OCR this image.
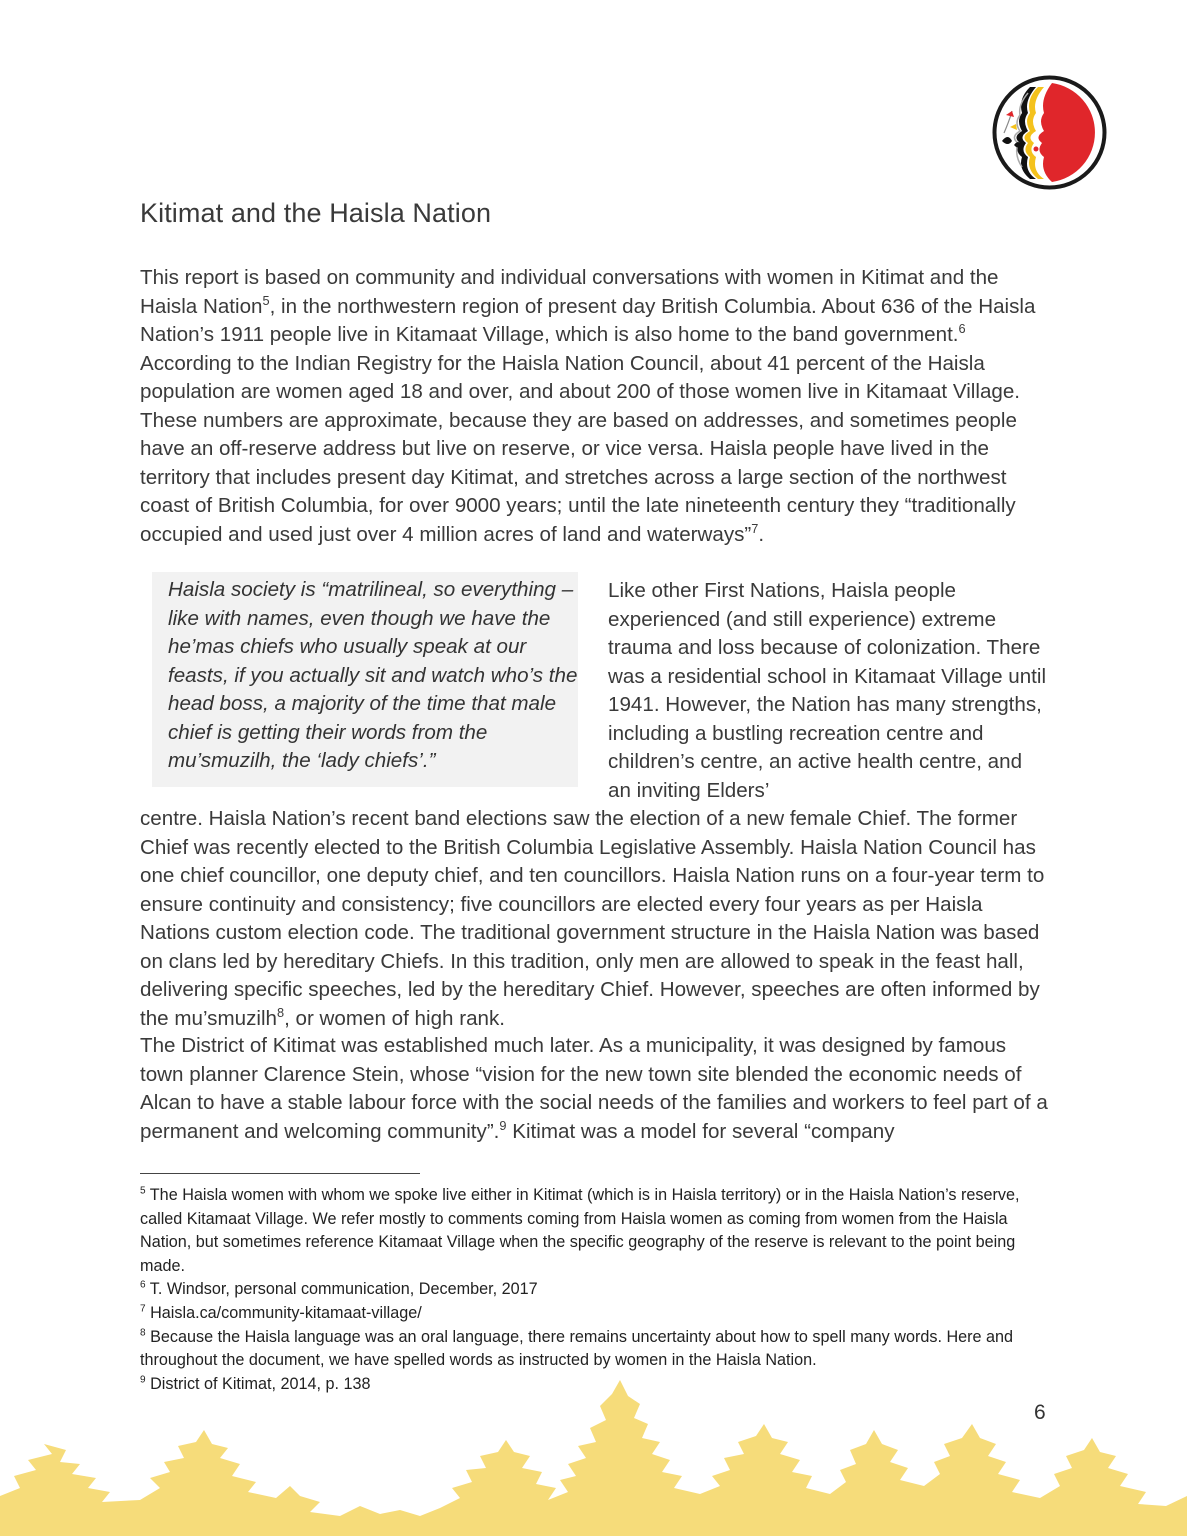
Kitimat and the Haisla Nation

This report is based on community and individual conversations with women in Kitimat and the Haisla Nation$^5$, in the northwestern region of present day British Columbia. About 636 of the Haisla Nation’s 1911 people live in Kitamaat Village, which is also home to the band government.$^6$ According to the Indian Registry for the Haisla Nation Council, about 41 percent of the Haisla population are women aged 18 and over, and about 200 of those women live in Kitamaat Village. These numbers are approximate, because they are based on addresses, and sometimes people have an off-reserve address but live on reserve, or vice versa. Haisla people have lived in the territory that includes present day Kitimat, and stretches across a large section of the northwest coast of British Columbia, for over 9000 years; until the late nineteenth century they “traditionally occupied and used just over 4 million acres of land and waterways”$^7$.

Haisla society is “matrilineal, so everything – like with names, even though we have the he’mas chiefs who usually speak at our feasts, if you actually sit and watch who’s the head boss, a majority of the time that male chief is getting their words from the mu’smuzilh, the ‘lady chiefs’.”

Like other First Nations, Haisla people experienced (and still experience) extreme trauma and loss because of colonization. There was a residential school in Kitamaat Village until 1941. However, the Nation has many strengths, including a bustling recreation centre and children’s centre, an active health centre, and an inviting Elders’

centre. Haisla Nation’s recent band elections saw the election of a new female Chief. The former Chief was recently elected to the British Columbia Legislative Assembly. Haisla Nation Council has one chief councillor, one deputy chief, and ten councillors. Haisla Nation runs on a four-year term to ensure continuity and consistency; five councillors are elected every four years as per Haisla Nations custom election code. The traditional government structure in the Haisla Nation was based on clans led by hereditary Chiefs. In this tradition, only men are allowed to speak in the feast hall, delivering specific speeches, led by the hereditary Chief. However, speeches are often informed by the mu’smuzilh$^8$, or women of high rank.

The District of Kitimat was established much later. As a municipality, it was designed by famous town planner Clarence Stein, whose “vision for the new town site blended the economic needs of Alcan to have a stable labour force with the social needs of the families and workers to feel part of a permanent and welcoming community”.$^9$ Kitimat was a model for several “company

$^5$ The Haisla women with whom we spoke live either in Kitimat (which is in Haisla territory) or in the Haisla Nation’s reserve, called Kitamaat Village. We refer mostly to comments coming from Haisla women as coming from women from the Haisla Nation, but sometimes reference Kitamaat Village when the specific geography of the reserve is relevant to the point being made.

$^6$ T. Windsor, personal communication, December, 2017

$^7$ Haisla.ca/community-kitamaat-village/

$^8$ Because the Haisla language was an oral language, there remains uncertainty about how to spell many words. Here and throughout the document, we have spelled words as instructed by women in the Haisla Nation.

$^9$ District of Kitimat, 2014, p. 138

6
